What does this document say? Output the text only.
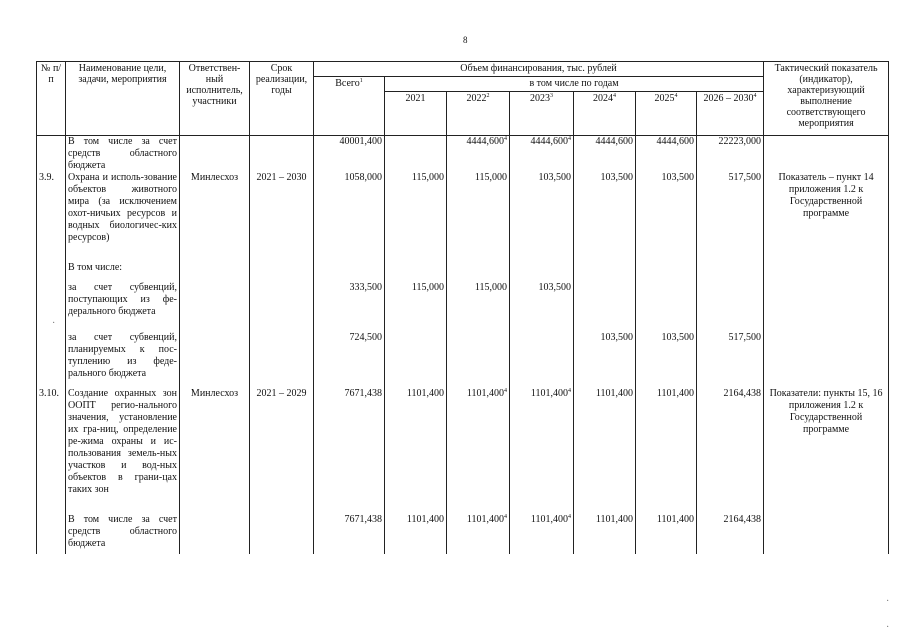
8
№ п/п	Наименование цели, задачи, мероприятия	Ответствен-ный исполнитель, участники	Срок реализации, годы	Объем финансирования, тыс. рублей							Тактический показатель (индикатор), характеризующий выполнение соответствующего мероприятия
				Всего$^1$	в том числе по годам						
					2021	2022$^2$	2023$^3$	2024$^4$	2025$^4$	2026 – 2030$^4$
	В том числе за счет средств областного бюджета			40001,400		4444,600$^4$	4444,600$^4$	4444,600	4444,600	22223,000	
3.9.	Охрана и исполь-зование объектов животного мира (за исключением охот-ничьих ресурсов и водных биологичес-ких ресурсов)	Минлесхоз	2021 – 2030	1058,000	115,000	115,000	103,500	103,500	103,500	517,500	Показатель – пункт 14 приложения 1.2 к Государственной программе
	В том числе:										
	за счет субвенций, поступающих из фе-дерального бюджета			333,500	115,000	115,000	103,500				
	за счет субвенций, планируемых к пос-туплению из феде-рального бюджета			724,500				103,500	103,500	517,500	
3.10.	Создание охранных зон ООПТ регио-нального значения, установление их гра-ниц, определение ре-жима охраны и ис-пользования земель-ных участков и вод-ных объектов в грани-цах таких зон	Минлесхоз	2021 – 2029	7671,438	1101,400	1101,400$^4$	1101,400$^4$	1101,400	1101,400	2164,438	Показатели: пункты 15, 16 приложения 1.2 к Государственной программе
	В том числе за счет средств областного бюджета			7671,438	1101,400	1101,400$^4$	1101,400$^4$	1101,400	1101,400	2164,438	
·
·
·
